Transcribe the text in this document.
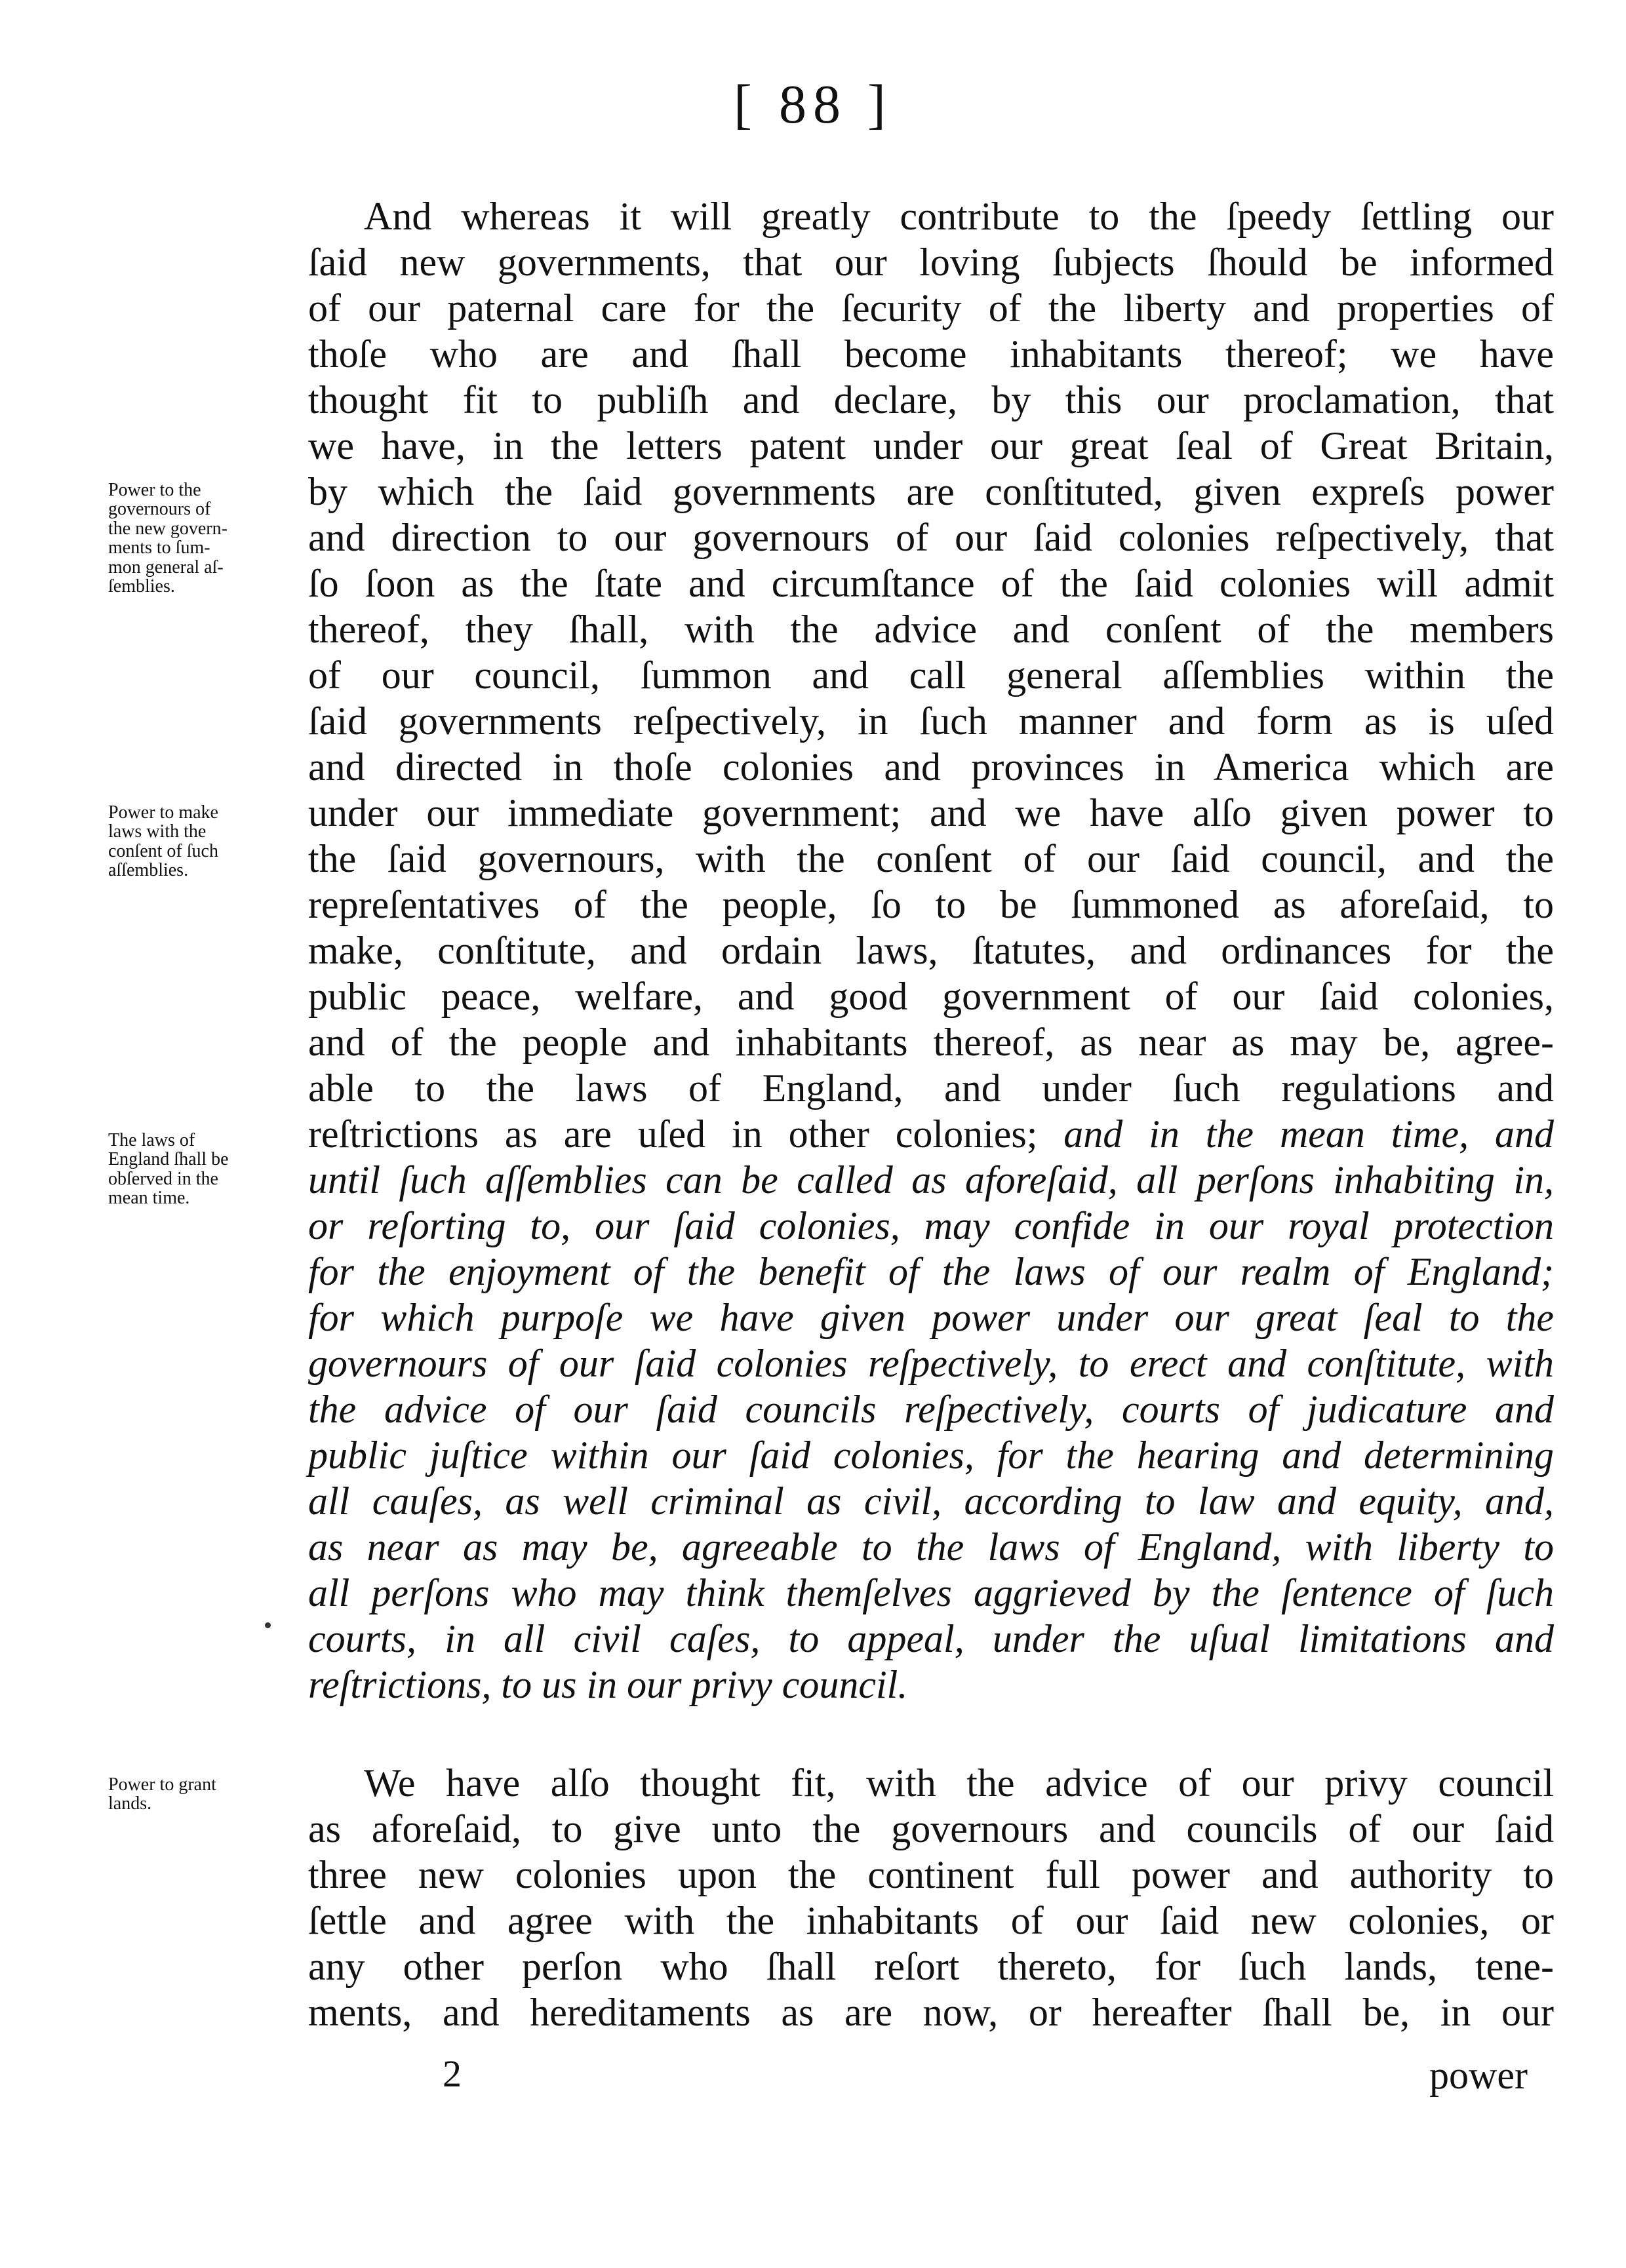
[ 88 ]
And whereas it will greatly contribute to the ſpeedy ſettling our
ſaid new governments, that our loving ſubjects ſhould be informed
of our paternal care for the ſecurity of the liberty and properties of
thoſe who are and ſhall become inhabitants thereof; we have
thought fit to publiſh and declare, by this our proclamation, that
we have, in the letters patent under our great ſeal of Great Britain,
by which the ſaid governments are conſtituted, given expreſs power
and direction to our governours of our ſaid colonies reſpectively, that
ſo ſoon as the ſtate and circumſtance of the ſaid colonies will admit
thereof, they ſhall, with the advice and conſent of the members
of our council, ſummon and call general aſſemblies within the
ſaid governments reſpectively, in ſuch manner and form as is uſed
and directed in thoſe colonies and provinces in America which are
under our immediate government; and we have alſo given power to
the ſaid governours, with the conſent of our ſaid council, and the
repreſentatives of the people, ſo to be ſummoned as aforeſaid, to
make, conſtitute, and ordain laws, ſtatutes, and ordinances for the
public peace, welfare, and good government of our ſaid colonies,
and of the people and inhabitants thereof, as near as may be, agree-
able to the laws of England, and under ſuch regulations and
reſtrictions as are uſed in other colonies; and in the mean time, and
until ſuch aſſemblies can be called as aforeſaid, all perſons inhabiting in,
or reſorting to, our ſaid colonies, may confide in our royal protection
for the enjoyment of the benefit of the laws of our realm of England;
for which purpoſe we have given power under our great ſeal to the
governours of our ſaid colonies reſpectively, to erect and conſtitute, with
the advice of our ſaid councils reſpectively, courts of judicature and
public juſtice within our ſaid colonies, for the hearing and determining
all cauſes, as well criminal as civil, according to law and equity, and,
as near as may be, agreeable to the laws of England, with liberty to
all perſons who may think themſelves aggrieved by the ſentence of ſuch
courts, in all civil caſes, to appeal, under the uſual limitations and
reſtrictions, to us in our privy council.
We have alſo thought fit, with the advice of our privy council
as aforeſaid, to give unto the governours and councils of our ſaid
three new colonies upon the continent full power and authority to
ſettle and agree with the inhabitants of our ſaid new colonies, or
any other perſon who ſhall reſort thereto, for ſuch lands, tene-
ments, and hereditaments as are now, or hereafter ſhall be, in our
Power to the
governours of
the new govern-
ments to ſum-
mon general aſ-
ſemblies.
Power to make
laws with the
conſent of ſuch
aſſemblies.
The laws of
England ſhall be
obſerved in the
mean time.
Power to grant
lands.
2	power
